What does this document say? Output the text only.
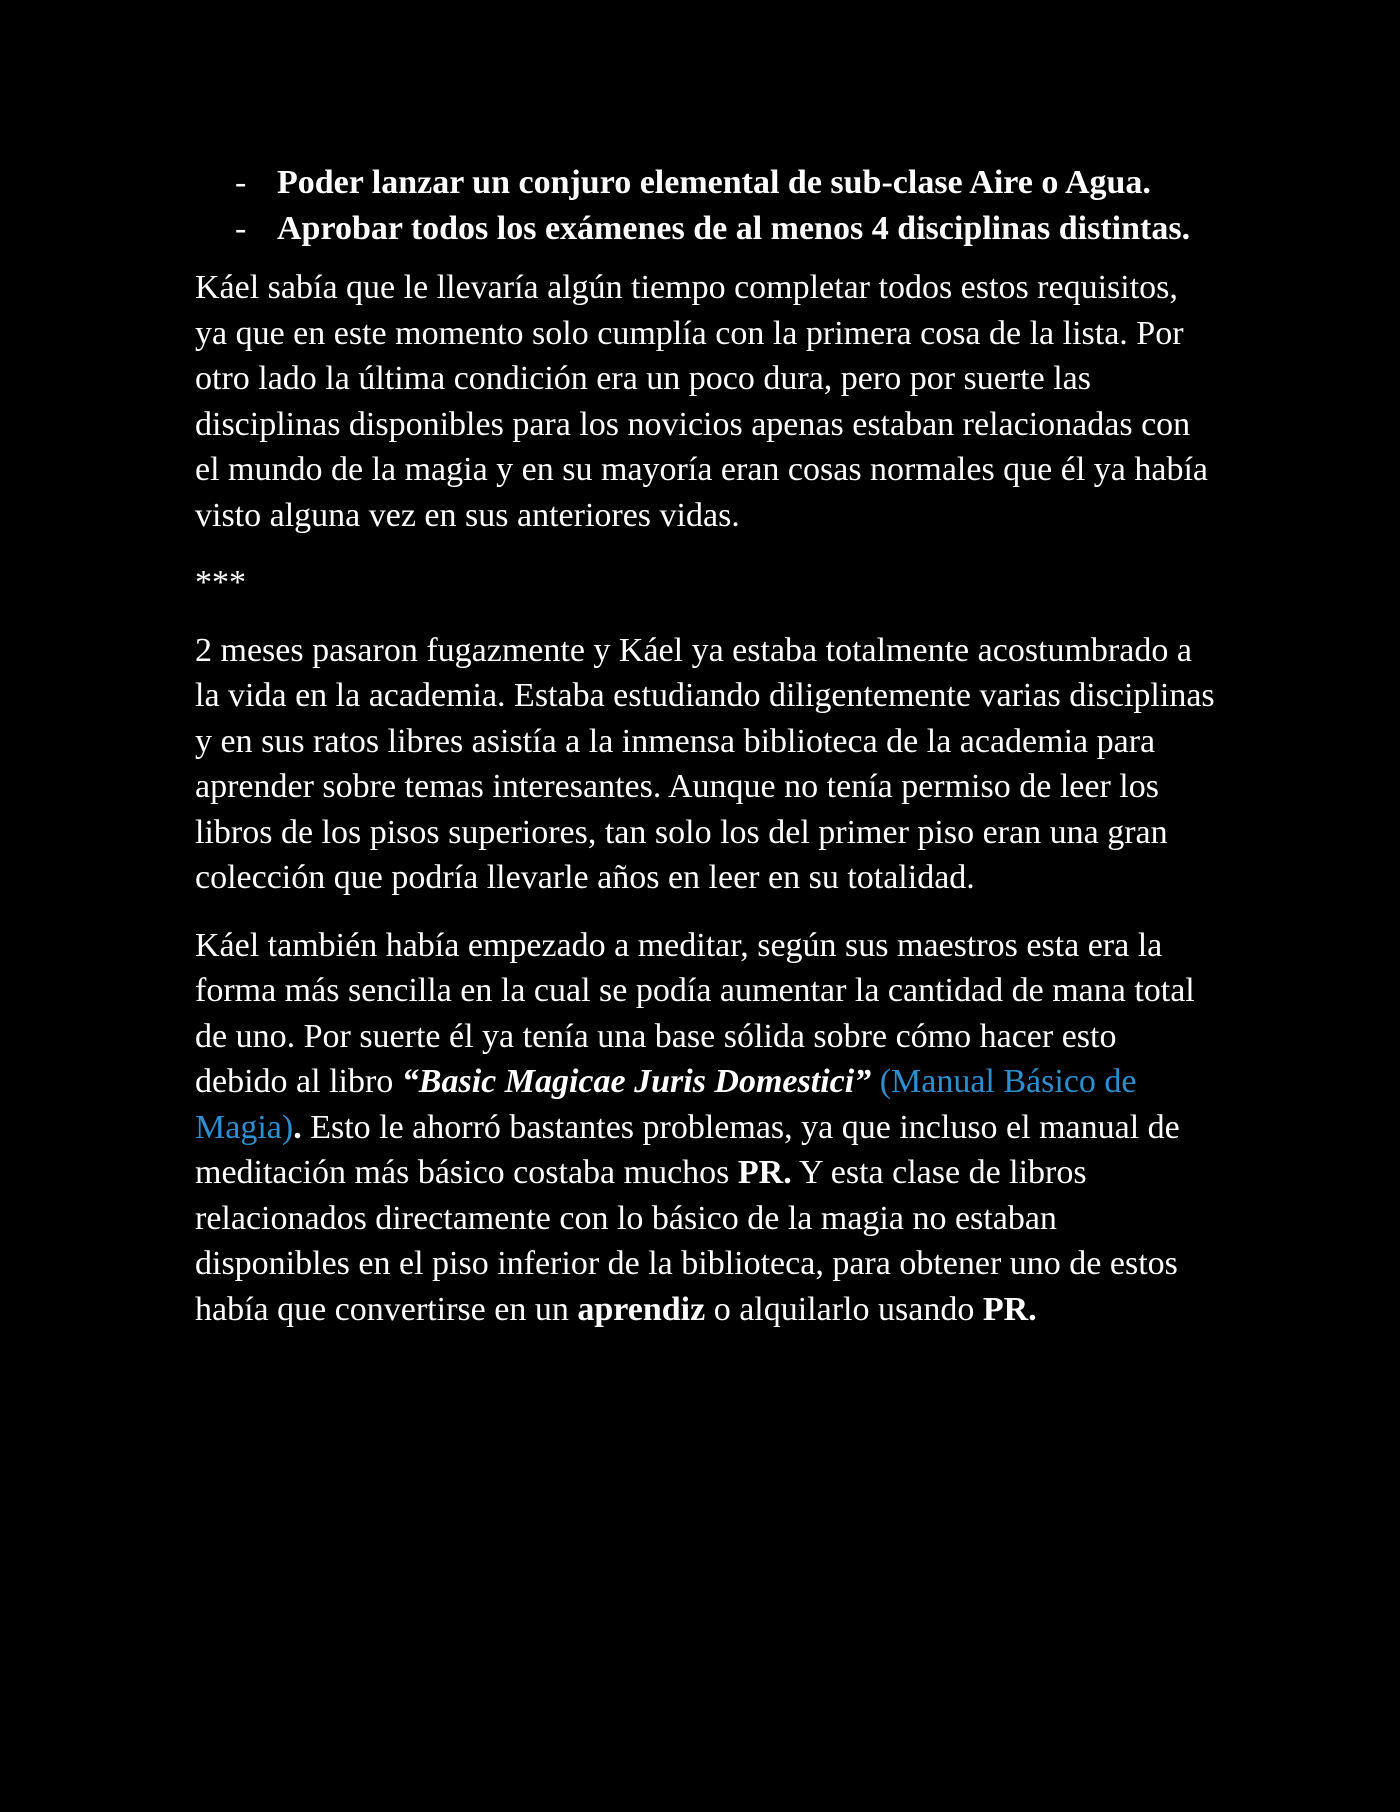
- Poder lanzar un conjuro elemental de sub-clase Aire o Agua.
- Aprobar todos los exámenes de al menos 4 disciplinas distintas.

Káel sabía que le llevaría algún tiempo completar todos estos requisitos, ya que en este momento solo cumplía con la primera cosa de la lista. Por otro lado la última condición era un poco dura, pero por suerte las disciplinas disponibles para los novicios apenas estaban relacionadas con el mundo de la magia y en su mayoría eran cosas normales que él ya había visto alguna vez en sus anteriores vidas.

***

2 meses pasaron fugazmente y Káel ya estaba totalmente acostumbrado a la vida en la academia. Estaba estudiando diligentemente varias disciplinas y en sus ratos libres asistía a la inmensa biblioteca de la academia para aprender sobre temas interesantes. Aunque no tenía permiso de leer los libros de los pisos superiores, tan solo los del primer piso eran una gran colección que podría llevarle años en leer en su totalidad.

Káel también había empezado a meditar, según sus maestros esta era la forma más sencilla en la cual se podía aumentar la cantidad de mana total de uno. Por suerte él ya tenía una base sólida sobre cómo hacer esto debido al libro “Basic Magicae Juris Domestici” (Manual Básico de Magia). Esto le ahorró bastantes problemas, ya que incluso el manual de meditación más básico costaba muchos PR. Y esta clase de libros relacionados directamente con lo básico de la magia no estaban disponibles en el piso inferior de la biblioteca, para obtener uno de estos había que convertirse en un aprendiz o alquilarlo usando PR.
